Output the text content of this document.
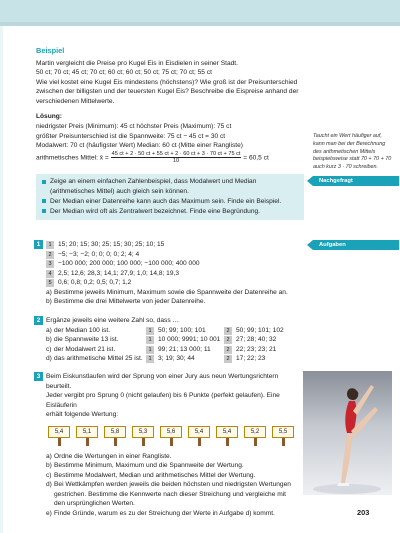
Beispiel
Martin vergleicht die Preise pro Kugel Eis in Eisdielen in seiner Stadt.
50 ct; 70 ct; 45 ct; 70 ct; 60 ct; 60 ct; 50 ct; 75 ct; 70 ct; 55 ct
Wie viel kostet eine Kugel Eis mindestens (höchstens)? Wie groß ist der Preisunterschied
zwischen der billigsten und der teuersten Kugel Eis? Beschreibe die Eispreise anhand der
verschiedenen Mittelwerte.
Lösung:
niedrigster Preis (Minimum): 45 ct höchster Preis (Maximum): 75 ct
größter Preisunterschied ist die Spannweite: 75 ct − 45 ct = 30 ct
Modalwert: 70 ct (häufigster Wert) Median: 60 ct (Mitte einer Rangliste)
arithmetisches Mittel: x̄ = $\frac{45 ct + 2 \cdot 50 ct + 55 ct + 2 \cdot 60 ct + 3 \cdot 70 ct + 75 ct}{10} = 60,5$ ct
Taucht ein Wert häufiger auf, kann man bei der Berechnung des arithmetischen Mittels beispielsweise statt 70 + 70 + 70 auch kurz 3 · 70 schreiben.
Nachgefragt
Zeige an einem einfachen Zahlenbeispiel, dass Modalwert und Median (arithmetisches Mittel) auch gleich sein können.
Der Median einer Datenreihe kann auch das Maximum sein. Finde ein Beispiel.
Der Median wird oft als Zentralwert bezeichnet. Finde eine Begründung.
Aufgaben
1	1 15; 20; 15; 30; 25; 15; 30; 25; 10; 15
2 −5; −3; −2; 0; 0; 0; 0; 2; 4; 4
3 −100 000; 200 000; 100 000; −100 000; 400 000
4 2,5; 12,6; 28,3; 14,1; 27,9; 1,0; 14,8; 19,3
5 0,6; 0,8; 0,2; 0,5; 0,7; 1,2
a) Bestimme jeweils Minimum, Maximum sowie die Spannweite der Datenreihe an.
b) Bestimme die drei Mittelwerte von jeder Datenreihe.
2 Ergänze jeweils eine weitere Zahl so, dass …
a) der Median 100 ist.	1 50; 99; 100; 101	2 50; 99; 101; 102
b) die Spannweite 13 ist.	1 10 000; 9991; 10 001	2 27; 28; 40; 32
c) der Modalwert 21 ist.	1 99; 21; 13 000; 11	2 22; 23; 23; 21
d) das arithmetische Mittel 25 ist.	1 3; 19; 30; 44	2 17; 22; 23
3 Beim Eiskunstlaufen wird der Sprung von einer Jury aus neun Wertungsrichtern beurteilt.
Jeder vergibt pro Sprung 0 (nicht gelaufen) bis 6 Punkte (perfekt gelaufen). Eine Eisläuferin
erhält folgende Wertung:
5,4	5,1	5,8	5,3	5,6	5,4	5,4	5,2	5,5
a) Ordne die Wertungen in einer Rangliste.
b) Bestimme Minimum, Maximum und die Spannweite der Wertung.
c) Bestimme Modalwert, Median und arithmetisches Mittel der Wertung.
d) Bei Wettkämpfen werden jeweils die beiden höchsten und niedrigsten Wertungen gestrichen. Bestimme die Kennwerte nach dieser Streichung und vergleiche mit den ursprünglichen Werten.
e) Finde Gründe, warum es zu der Streichung der Werte in Aufgabe d) kommt.	203
